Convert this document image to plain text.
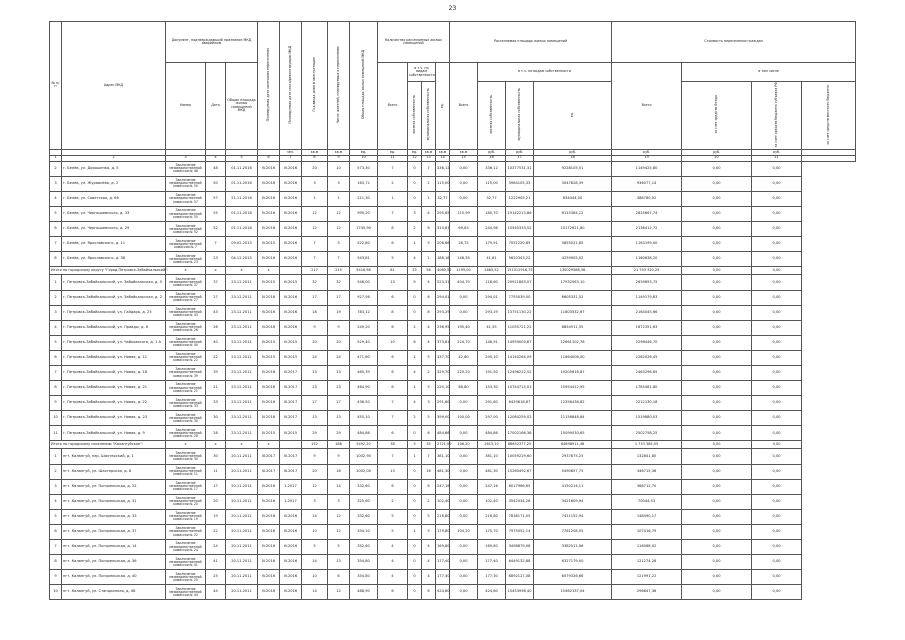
23
№ п/п	Адрес МКД	Документ, подтверждающий признание МКД аварийным			Планируемая дата окончания переселения	Планируемая дата сноса/реконструкции МКД	Год ввода дома в эксплуатацию	Число жителей, планируемых к переселению	Общая площадь жилых помещений МКД	Количество расселяемых жилых помещений				Расселяемая площадь жилых помещений				Стоимость переселения граждан			

		Номер	Дата	Общая площадь жилых помещений МКД						Всего	в т.ч. по видам собственности		ед.	Всего	в т.ч. по видам собственности			Всего	в том числе		
											частная собственность	муниципальная собственность			частная собственность	муниципальная собственность	ед.		за счет средств Фонда	за счет средств бюджета субъекта РФ	за счет средств местного бюджета
						чел.	кв.м	кв.м	ед.	ед.	ед.	кв.м	кв.м	кв.м	руб.	руб.	руб.	руб.	руб.	руб.	
1	2	3	4	5	6	7	8	9	10	11	12	13	14	15	16	17	18	19	20	21	
2	г. Белёв, ул. Дорошенко, д. 5	Заключение межведомственной комиссии № 48	48	01.11.2016	IV.2016	IV.2016	20	10	573,30	7	0	7	336,12	0,00	336,12	10377531,31	9228105,51	1149425,80	0,00	0,00	
3	г. Белёв, ул. Журавлёва, д. 2	Заключение межведомственной комиссии № 50	50	01.11.2016	IV.2016	IV.2016	3	3	163,72	2	0	2	115,00	0,00	115,00	3984105,33	3047828,39	936077,14	0,00	0,00	
4	г. Белёв, ул. Советская, д. 66	Заключение межведомственной комиссии № 57	57	21.11.2016	IV.2016	IV.2016	1	1	211,30	1	0	1	32,77	0,00	32,77	1222905,21	834044,00	388780,02	0,00	0,00	
5	г. Белёв, ул. Чернышевского, д. 33	Заключение межведомственной комиссии № 55	55	01.11.2016	IV.2016	IV.2016	12	12	999,20	7	3	4	295,65	115,99	180,70	19142213,86	8115384,12	2825667,74	0,00	0,00	
6	г. Белёв, ул. Чернышевского, д. 29	Заключение межведомственной комиссии № 52	52	01.11.2016	IV.2016	IV.2016	12	12	1745,90	8	2	6	314,61	69,63	244,98	10540333,52	10172621,80	2136412,72	0,00	0,00	
7	г. Белёв, ул. Ярославского, д. 11	Заключение межведомственной комиссии № 7	7	09.02.2015	IV.2015	IV.2016	7	3	522,80	6	1	5	206,66	26,75	179,91	7051220,85	5855021,85	1163199,00	0,00	0,00	
8	г. Белёв, ул. Ярославского, д. 38	Заключение межведомственной комиссии № 23	23	04.12.2015	IV.2016	IV.2016	7	7	543,81	5	4	1	188,16	146,35	41,81	5620343,22	4259905,02	1160638,20	0,00	0,00	
Итого по городскому округу "Город Петровск-Забайкальский":		x	x	x	x		217	215	5416,98	81	25	56	4060,52	1195,00	2865,52	151012916,75	130029588,36	21 793 320,25	0,00	0,00	
1	г. Петровск-Забайкальский, ул. Забайкальская, д. 5	Заключение межведомственной комиссии № 37	37	23.12.2011	IV.2015	IV.2015	32	32	546,00	13	9	4	523,31	404,70	118,60	20911863,07	17932063,10	2639893,75	0,00	0,00	
2	г. Петровск-Забайкальский, ул. Забайкальская, д. 2	Заключение межведомственной комиссии № 27	27	23.12.2011	IV.2016	IV.2016	17	17	927,56	6	0	6	294,01	0,00	294,01	7755039,00	6605331,52	1149179,83	0,00	0,00	
3	г. Петровск-Забайкальский, ул. Гайдара, д. 25	Заключение межведомственной комиссии № 43	43	23.12.2011	IV.2016	IV.2016	18	19	783,12	8	0	8	293,29	0,00	293,29	13751130,22	11803532,67	2164045,66	0,00	0,00	
4	г. Петровск-Забайкальский, ул. Правды, д. 6	Заключение межведомственной комиссии № 26	26	23.12.2011	IV.2016	IV.2016	9	9	249,20	6	2	4	236,95	195,40	41,55	11055721,22	8854911,55	1672351,63	0,00	0,00	
5	г. Петровск-Забайкальский, ул. Чайковского, д. 1 А	Заключение межведомственной комиссии № 40	40	23.12.2011	IV.2015	IV.2015	20	20	529,40	10	6	4	373,61	224,70	148,91	14959005,67	12661102,78	2298446,70	0,00	0,00	
6	г. Петровск-Забайкальский, ул. Новая, д. 11	Заключение межведомственной комиссии № 22	22	23.12.2011	IV.2015	IV.2015	24	24	471,80	6	1	5	337,70	42,60	295,10	14140264,09	11864008,00	2282026,45	0,00	0,00	
7	г. Петровск-Забайкальский, ул. Новая, д. 18	Заключение межведомственной комиссии № 39	39	23.12.2011	IV.2016	IV.2017	13	13	465,39	6	4	2	329,70	220,20	191,50	12496222,52	10205816,87	2463296,65	0,00	0,00	
8	г. Петровск-Забайкальский, ул. Новая, д. 21	Заключение межведомственной комиссии № 21	21	23.12.2011	IV.2016	III.2017	23	23	464,90	6	1	5	220,10	66,80	153,30	10744715,01	10954412,95	1785481,80	0,00	0,00	
9	г. Петровск-Забайкальский, ул. Новая, д. 22	Заключение межведомственной комиссии № 33	33	23.12.2011	IV.2016	III.2017	17	17	436,50	7	4	3	291,60	0,00	291,60	6429618,87	12356438,82	2212130,18	0,00	0,00	
10	г. Петровск-Забайкальский, ул. Новая, д. 23	Заключение межведомственной комиссии № 30	30	23.12.2011	IV.2016	IV.2017	13	13	455,10	7	2	5	399,00	100,00	297,00	12064259,02	11156848,64	1519880,03	0,00	0,00	
11	г. Петровск-Забайкальский, ул. Новая, д. 9	Заключение межведомственной комиссии № 28	28	23.12.2011	IV.2015	IV.2015	29	29	484,86	6	0	6	484,86	0,00	484,86	17002166,36	15099530,65	2502758,25	0,00	0,00	
Итого по городскому поселению "Калангуйское":		x	x	x	x		152	188	5492,20	38	3	35	2721,00	106,20	2615,10	86652377,25	64898911,48	1 733 385,05	0,00	0,00	
1	пгт. Калангуй, пер. Шахтерский, д. 1	Заключение межведомственной комиссии № 30	30	20.11.2011	III.2017	III.2017	9	9	1002,90	7	1	7	381,10	0,00	381,10	10059229,60	2937875,25	132841,80	0,00	0,00	
2	пгт. Калангуй, ул. Шахтерская, д. 8	Заключение межведомственной комиссии № 11	11	20.11.2011	III.2017	III.2017	20	18	1002,00	13	0	16	481,30	0,00	481,30	15260492,67	5490857,75	346715,36	0,00	0,00	
3	пгт. Калангуй, ул. Погорельская, д. 22	Заключение межведомственной комиссии № 17	17	20.11.2011	IV.2016	1.2017	12	14	332,60	6	0	6	247,16	0,00	247,16	8017966,65	4150214,11	368712,70	0,00	0,00	
4	пгт. Калангуй, ул. Погорельская, д. 31	Заключение межведомственной комиссии № 20	20	20.11.2011	IV.2016	1.2017	3	3	325,60	2	0	2	102,40	0,00	102,40	3542034,28	3421609,94	70044,53	0,00	0,00	
5	пгт. Калангуй, ул. Погорельская, д. 33	Заключение межведомственной комиссии № 19	19	20.11.2011	IV.2016	IV.2016	14	12	332,60	5	0	5	216,80	0,00	216,80	7838171,05	7411152,94	148490,17	0,00	0,00	
6	пгт. Калангуй, ул. Погорельская, д. 37	Заключение межведомственной комиссии № 22	22	20.11.2011	IV.2016	IV.2016	10	12	354,10	5	1	5	179,80	104,20	175,70	7975052,14	7761208,55	107416,79	0,00	0,00	
7	пгт. Калангуй, ул. Погорельская, д. 14	Заключение межведомственной комиссии № 24	24	20.11.2011	IV.2016	IV.2016	5	5	352,60	4	0	4	169,80	0,00	169,80	3498879,08	3382511,06	116068,02	0,00	0,00	
8	пгт. Калангуй, ул. Погорельская, д. 36	Заключение межведомственной комиссии № 41	41	20.11.2011	IV.2016	IV.2016	14	13	354,80	4	0	4	177,40	0,00	177,40	6449132,88	6327179,00	121274,28	0,00	0,00	
9	пгт. Калангуй, ул. Погорельская, д. 40	Заключение межведомственной комиссии № 25	25	20.11.2011	IV.2016	IV.2016	10	6	354,80	4	0	4	177,30	0,00	177,30	6892127,08	6079326,66	121991,22	0,00	0,00	
10	пгт. Калангуй, ул. Станционная, д. 46	Заключение межведомственной комиссии № 44	44	20.11.2011	IV.2016	IV.2016	14	12	488,90	6	0	6	424,60	0,00	424,60	15453998,40	15462137,04	296847,36	0,00	0,00	
